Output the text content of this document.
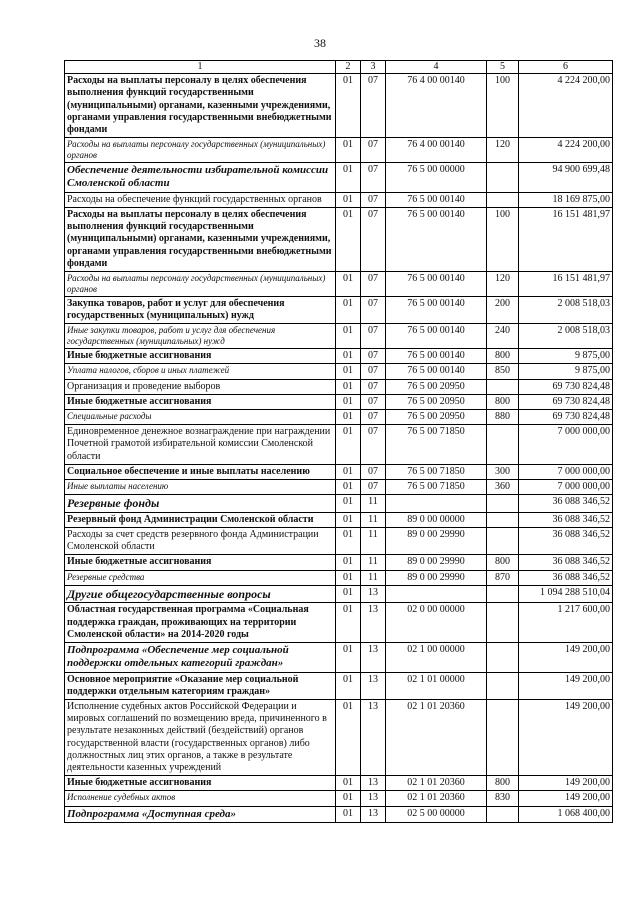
38
1	2	3	4	5	6
Расходы на выплаты персоналу в целях обеспечения выполнения функций государственными (муниципальными) органами, казенными учреждениями, органами управления государственными внебюджетными фондами	01	07	76 4 00 00140	100	4 224 200,00
Расходы на выплаты персоналу государственных (муниципальных) органов	01	07	76 4 00 00140	120	4 224 200,00
Обеспечение деятельности избирательной комиссии Смоленской области	01	07	76 5 00 00000		94 900 699,48
Расходы на обеспечение функций государственных органов	01	07	76 5 00 00140		18 169 875,00
Расходы на выплаты персоналу в целях обеспечения выполнения функций государственными (муниципальными) органами, казенными учреждениями, органами управления государственными внебюджетными фондами	01	07	76 5 00 00140	100	16 151 481,97
Расходы на выплаты персоналу государственных (муниципальных) органов	01	07	76 5 00 00140	120	16 151 481,97
Закупка товаров, работ и услуг для обеспечения государственных (муниципальных) нужд	01	07	76 5 00 00140	200	2 008 518,03
Иные закупки товаров, работ и услуг для обеспечения государственных (муниципальных) нужд	01	07	76 5 00 00140	240	2 008 518,03
Иные бюджетные ассигнования	01	07	76 5 00 00140	800	9 875,00
Уплата налогов, сборов и иных платежей	01	07	76 5 00 00140	850	9 875,00
Организация и проведение выборов	01	07	76 5 00 20950		69 730 824,48
Иные бюджетные ассигнования	01	07	76 5 00 20950	800	69 730 824,48
Специальные расходы	01	07	76 5 00 20950	880	69 730 824,48
Единовременное денежное вознаграждение при награждении Почетной грамотой избирательной комиссии Смоленской области	01	07	76 5 00 71850		7 000 000,00
Социальное обеспечение и иные выплаты населению	01	07	76 5 00 71850	300	7 000 000,00
Иные выплаты населению	01	07	76 5 00 71850	360	7 000 000,00
Резервные фонды	01	11			36 088 346,52
Резервный фонд Администрации Смоленской области	01	11	89 0 00 00000		36 088 346,52
Расходы за счет средств резервного фонда Администрации Смоленской области	01	11	89 0 00 29990		36 088 346,52
Иные бюджетные ассигнования	01	11	89 0 00 29990	800	36 088 346,52
Резервные средства	01	11	89 0 00 29990	870	36 088 346,52
Другие общегосударственные вопросы	01	13			1 094 288 510,04
Областная государственная программа «Социальная поддержка граждан, проживающих на территории Смоленской области» на 2014-2020 годы	01	13	02 0 00 00000		1 217 600,00
Подпрограмма «Обеспечение мер социальной поддержки отдельных категорий граждан»	01	13	02 1 00 00000		149 200,00
Основное мероприятие «Оказание мер социальной поддержки отдельным категориям граждан»	01	13	02 1 01 00000		149 200,00
Исполнение судебных актов Российской Федерации и мировых соглашений по возмещению вреда, причиненного в результате незаконных действий (бездействий) органов государственной власти (государственных органов) либо должностных лиц этих органов, а также в результате деятельности казенных учреждений	01	13	02 1 01 20360		149 200,00
Иные бюджетные ассигнования	01	13	02 1 01 20360	800	149 200,00
Исполнение судебных актов	01	13	02 1 01 20360	830	149 200,00
Подпрограмма «Доступная среда»	01	13	02 5 00 00000		1 068 400,00
